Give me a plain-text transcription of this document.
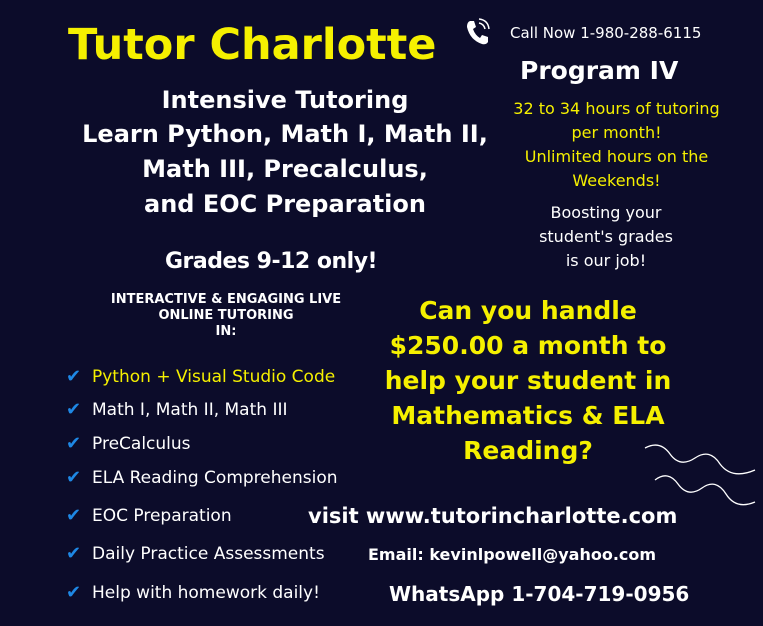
Tutor Charlotte
Intensive Tutoring
Learn Python, Math I, Math II,
Math III, Precalculus,
and EOC Preparation
Grades 9-12 only!
INTERACTIVE & ENGAGING LIVE
ONLINE TUTORING
IN:
✔ Python + Visual Studio Code
✔ Math I, Math II, Math III
✔ PreCalculus
✔ ELA Reading Comprehension
✔ EOC Preparation
✔ Daily Practice Assessments
✔ Help with homework daily!
Call Now 1-980-288-6115
Program IV
32 to 34 hours of tutoring
per month!
Unlimited hours on the
Weekends!
Boosting your
student's grades
is our job!
Can you handle
$250.00 a month to
help your student in
Mathematics & ELA
Reading?
visit www.tutorincharlotte.com
Email: kevinlpowell@yahoo.com
WhatsApp 1-704-719-0956
